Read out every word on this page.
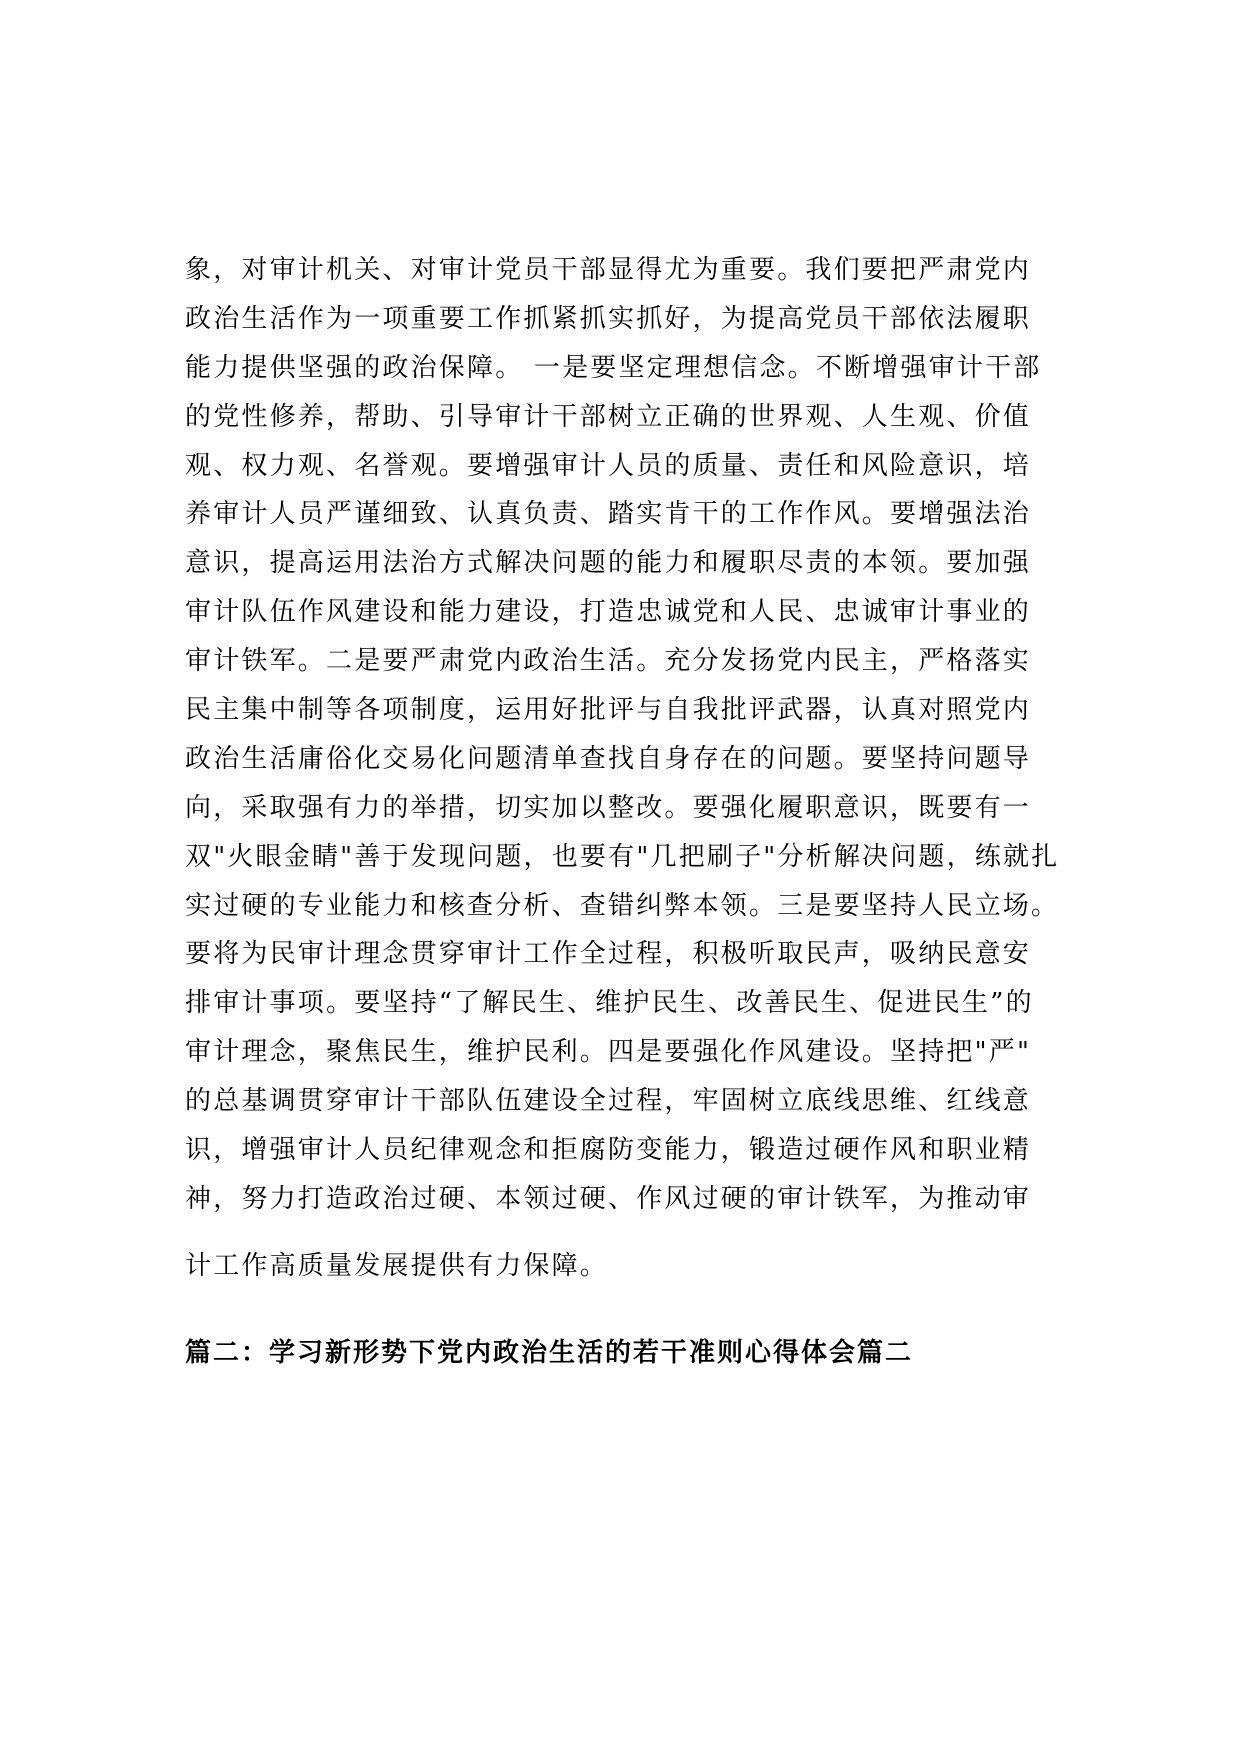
象，对审计机关、对审计党员干部显得尤为重要。我们要把严肃党内
政治生活作为一项重要工作抓紧抓实抓好，为提高党员干部依法履职
能力提供坚强的政治保障。 一是要坚定理想信念。不断增强审计干部
的党性修养，帮助、引导审计干部树立正确的世界观、人生观、价值
观、权力观、名誉观。要增强审计人员的质量、责任和风险意识，培
养审计人员严谨细致、认真负责、踏实肯干的工作作风。要增强法治
意识，提高运用法治方式解决问题的能力和履职尽责的本领。要加强
审计队伍作风建设和能力建设，打造忠诚党和人民、忠诚审计事业的
审计铁军。二是要严肃党内政治生活。充分发扬党内民主，严格落实
民主集中制等各项制度，运用好批评与自我批评武器，认真对照党内
政治生活庸俗化交易化问题清单查找自身存在的问题。要坚持问题导
向，采取强有力的举措，切实加以整改。要强化履职意识，既要有一
双"火眼金睛"善于发现问题，也要有"几把刷子"分析解决问题，练就扎
实过硬的专业能力和核查分析、查错纠弊本领。三是要坚持人民立场。
要将为民审计理念贯穿审计工作全过程，积极听取民声，吸纳民意安
排审计事项。要坚持“了解民生、维护民生、改善民生、促进民生”的
审计理念，聚焦民生，维护民利。四是要强化作风建设。坚持把"严"
的总基调贯穿审计干部队伍建设全过程，牢固树立底线思维、红线意
识，增强审计人员纪律观念和拒腐防变能力，锻造过硬作风和职业精
神，努力打造政治过硬、本领过硬、作风过硬的审计铁军，为推动审
计工作高质量发展提供有力保障。
篇二：学习新形势下党内政治生活的若干准则心得体会篇二
